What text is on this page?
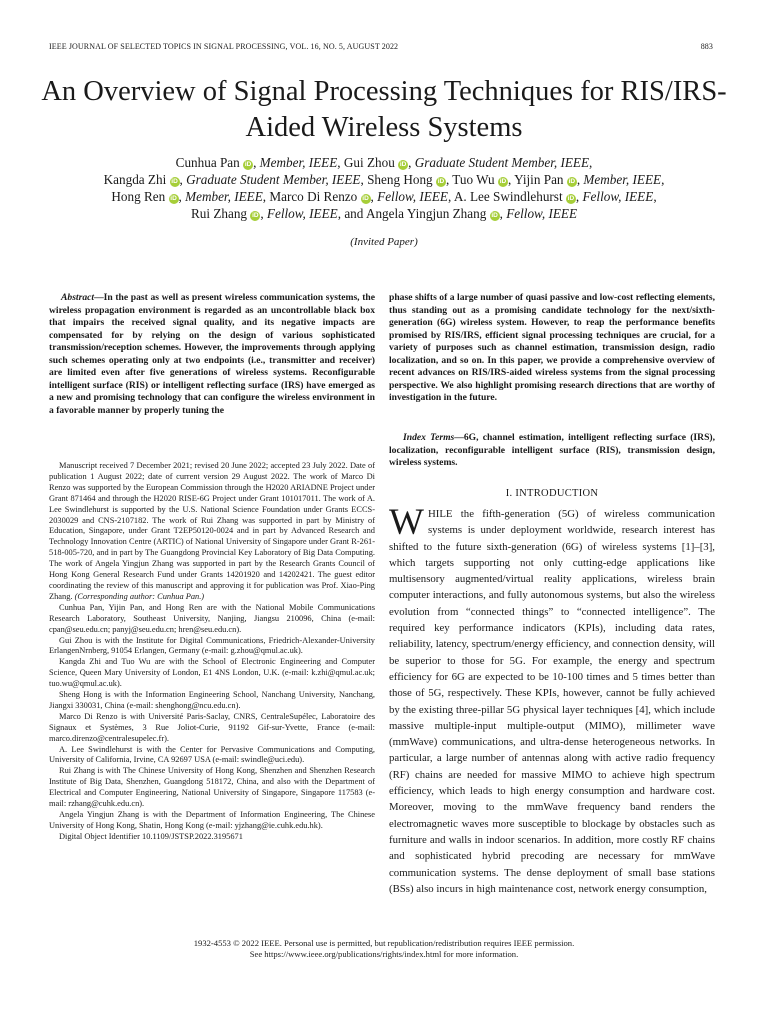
IEEE JOURNAL OF SELECTED TOPICS IN SIGNAL PROCESSING, VOL. 16, NO. 5, AUGUST 2022	883
An Overview of Signal Processing Techniques for RIS/IRS-Aided Wireless Systems
Cunhua Pan iD , Member, IEEE, Gui Zhou iD , Graduate Student Member, IEEE,
Kangda Zhi iD , Graduate Student Member, IEEE, Sheng Hong iD , Tuo Wu iD , Yijin Pan iD , Member, IEEE,
Hong Ren iD , Member, IEEE, Marco Di Renzo iD , Fellow, IEEE, A. Lee Swindlehurst iD , Fellow, IEEE,
Rui Zhang iD , Fellow, IEEE, and Angela Yingjun Zhang iD , Fellow, IEEE
(Invited Paper)
Abstract—In the past as well as present wireless communication systems, the wireless propagation environment is regarded as an uncontrollable black box that impairs the received signal quality, and its negative impacts are compensated for by relying on the design of various sophisticated transmission/reception schemes. However, the improvements through applying such schemes operating only at two endpoints (i.e., transmitter and receiver) are limited even after five generations of wireless systems. Reconfigurable intelligent surface (RIS) or intelligent reflecting surface (IRS) have emerged as a new and promising technology that can configure the wireless environment in a favorable manner by properly tuning the
phase shifts of a large number of quasi passive and low-cost reflecting elements, thus standing out as a promising candidate technology for the next/sixth-generation (6G) wireless system. However, to reap the performance benefits promised by RIS/IRS, efficient signal processing techniques are crucial, for a variety of purposes such as channel estimation, transmission design, radio localization, and so on. In this paper, we provide a comprehensive overview of recent advances on RIS/IRS-aided wireless systems from the signal processing perspective. We also highlight promising research directions that are worthy of investigation in the future.
Index Terms—6G, channel estimation, intelligent reflecting surface (IRS), localization, reconfigurable intelligent surface (RIS), transmission design, wireless systems.

Manuscript received 7 December 2021; revised 20 June 2022; accepted 23 July 2022. Date of publication 1 August 2022; date of current version 29 August 2022. The work of Marco Di Renzo was supported by the European Commission through the H2020 ARIADNE Project under Grant 871464 and through the H2020 RISE-6G Project under Grant 101017011. The work of A. Lee Swindlehurst is supported by the U.S. National Science Foundation under Grants ECCS-2030029 and CNS-2107182. The work of Rui Zhang was supported in part by Ministry of Education, Singapore, under Grant T2EP50120-0024 and in part by Advanced Research and Technology Innovation Centre (ARTIC) of National University of Singapore under Grant R-261-518-005-720, and in part by The Guangdong Provincial Key Laboratory of Big Data Computing. The work of Angela Yingjun Zhang was supported in part by the Research Grants Council of Hong Kong General Research Fund under Grants 14201920 and 14202421. The guest editor coordinating the review of this manuscript and approving it for publication was Prof. Xiao-Ping Zhang. (Corresponding author: Cunhua Pan.)

Cunhua Pan, Yijin Pan, and Hong Ren are with the National Mobile Communications Research Laboratory, Southeast University, Nanjing, Jiangsu 210096, China (e-mail: cpan@seu.edu.cn; panyj@seu.edu.cn; hren@seu.edu.cn).

Gui Zhou is with the Institute for Digital Communications, Friedrich-Alexander-University ErlangenNrnberg, 91054 Erlangen, Germany (e-mail: g.zhou@qmul.ac.uk).

Kangda Zhi and Tuo Wu are with the School of Electronic Engineering and Computer Science, Queen Mary University of London, E1 4NS London, U.K. (e-mail: k.zhi@qmul.ac.uk; tuo.wu@qmul.ac.uk).

Sheng Hong is with the Information Engineering School, Nanchang University, Nanchang, Jiangxi 330031, China (e-mail: shenghong@ncu.edu.cn).

Marco Di Renzo is with Université Paris-Saclay, CNRS, CentraleSupélec, Laboratoire des Signaux et Systèmes, 3 Rue Joliot-Curie, 91192 Gif-sur-Yvette, France (e-mail: marco.direnzo@centralesupelec.fr).

A. Lee Swindlehurst is with the Center for Pervasive Communications and Computing, University of California, Irvine, CA 92697 USA (e-mail: swindle@uci.edu).

Rui Zhang is with The Chinese University of Hong Kong, Shenzhen and Shenzhen Research Institute of Big Data, Shenzhen, Guangdong 518172, China, and also with the Department of Electrical and Computer Engineering, National University of Singapore, Singapore 117583 (e-mail: rzhang@cuhk.edu.cn).

Angela Yingjun Zhang is with the Department of Information Engineering, The Chinese University of Hong Kong, Shatin, Hong Kong (e-mail: yjzhang@ie.cuhk.edu.hk).

Digital Object Identifier 10.1109/JSTSP.2022.3195671

I. INTRODUCTION
WHILE the fifth-generation (5G) of wireless communication systems is under deployment worldwide, research interest has shifted to the future sixth-generation (6G) of wireless systems [1]–[3], which targets supporting not only cutting-edge applications like multisensory augmented/virtual reality applications, wireless brain computer interactions, and fully autonomous systems, but also the wireless evolution from “connected things” to “connected intelligence”. The required key performance indicators (KPIs), including data rates, reliability, latency, spectrum/energy efficiency, and connection density, will be superior to those for 5G. For example, the energy and spectrum efficiency for 6G are expected to be 10-100 times and 5 times better than those of 5G, respectively. These KPIs, however, cannot be fully achieved by the existing three-pillar 5G physical layer techniques [4], which include massive multiple-input multiple-output (MIMO), millimeter wave (mmWave) communications, and ultra-dense heterogeneous networks. In particular, a large number of antennas along with active radio frequency (RF) chains are needed for massive MIMO to achieve high spectrum efficiency, which leads to high energy consumption and hardware cost. Moreover, moving to the mmWave frequency band renders the electromagnetic waves more susceptible to blockage by obstacles such as furniture and walls in indoor scenarios. In addition, more costly RF chains and sophisticated hybrid precoding are necessary for mmWave communication systems. The dense deployment of small base stations (BSs) also incurs in high maintenance cost, network energy consumption,
1932-4553 © 2022 IEEE. Personal use is permitted, but republication/redistribution requires IEEE permission.
See https://www.ieee.org/publications/rights/index.html for more information.
